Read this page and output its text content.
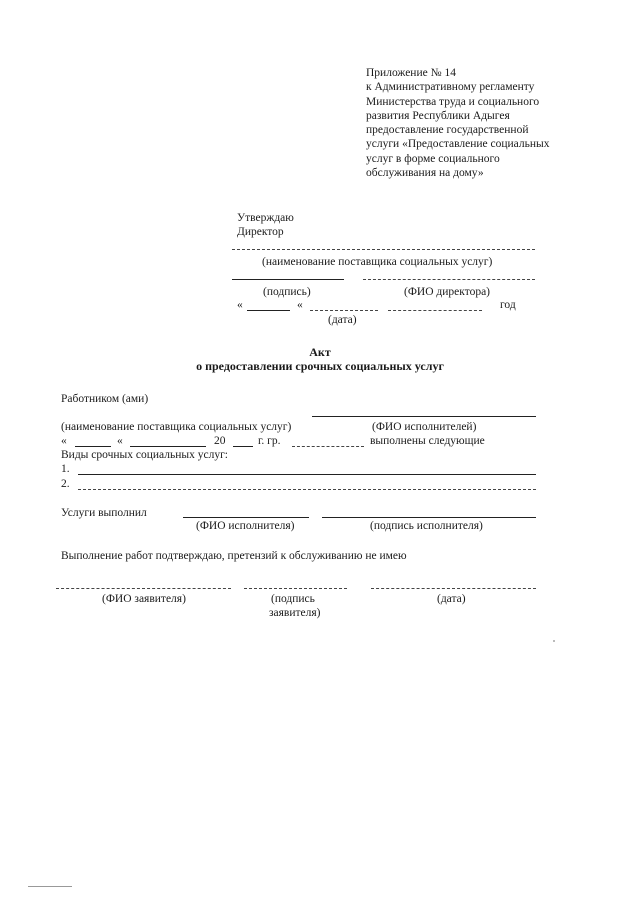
Приложение № 14
к Административному регламенту
Министерства труда и социального
развития Республики Адыгея
предоставление государственной
услуги «Предоставление социальных
услуг в форме социального
обслуживания на дому»
Утверждаю
Директор
(наименование поставщика социальных услуг)
(подпись)	(ФИО директора)
«	«	год
(дата)
Акт
о предоставлении срочных социальных услуг
Работником (ами)
(наименование поставщика социальных услуг)	(ФИО исполнителей)
«	«	20	г. гр.	выполнены следующие
Виды срочных социальных услуг:
1.
2.
Услуги выполнил
(ФИО исполнителя)	(подпись исполнителя)
Выполнение работ подтверждаю, претензий к обслуживанию не имею
(ФИО заявителя)	(подпись
заявителя)
(дата)
